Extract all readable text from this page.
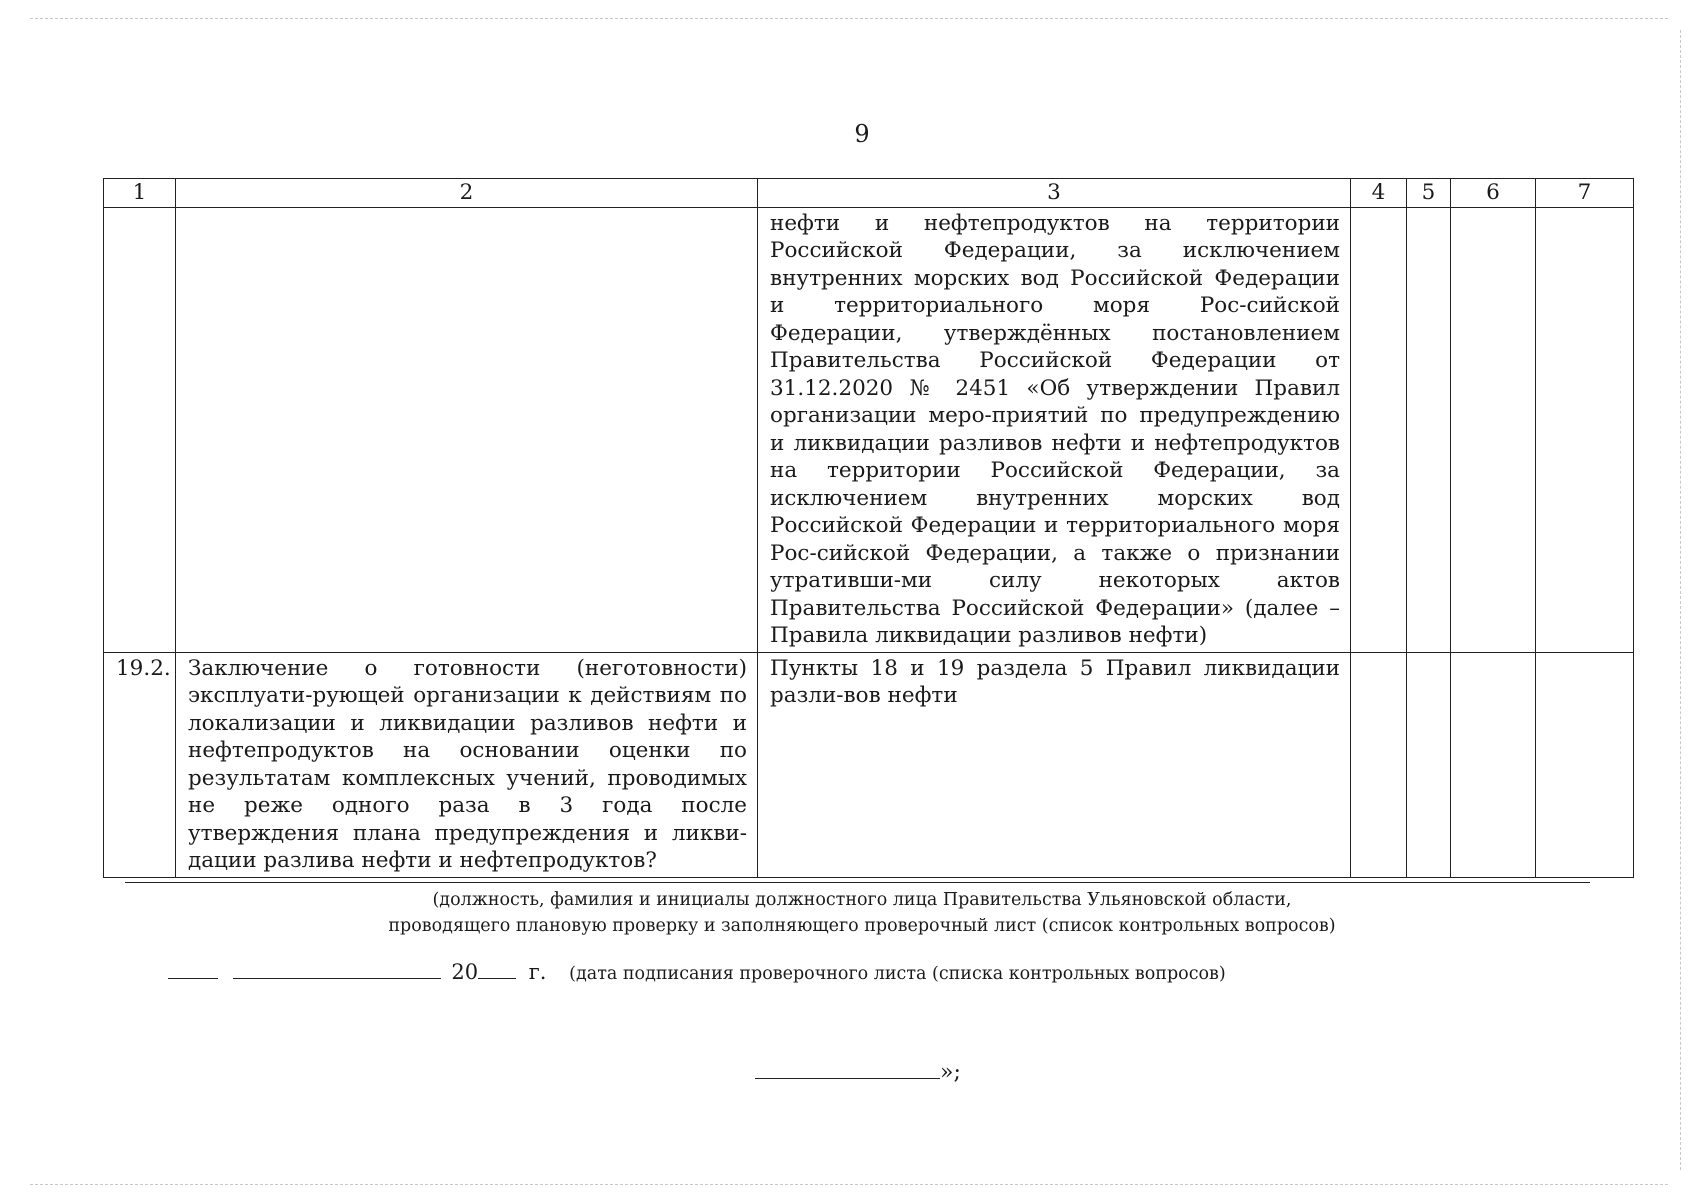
9
1	2	3	4	5	6	7
		нефти и нефтепродуктов на территории Российской Федерации, за исключением внутренних морских вод Российской Федерации и территориального моря Рос-сийской Федерации, утверждённых постановлением Правительства Российской Федерации от 31.12.2020 № 2451 «Об утверждении Правил организации меро-приятий по предупреждению и ликвидации разливов нефти и нефтепродуктов на территории Российской Федерации, за исключением внутренних морских вод Российской Федерации и территориального моря Рос-сийской Федерации, а также о признании утративши-ми силу некоторых актов Правительства Российской Федерации» (далее – Правила ликвидации разливов нефти)				
19.2.	Заключение о готовности (неготовности) эксплуати-рующей организации к действиям по локализации и ликвидации разливов нефти и нефтепродуктов на основании оценки по результатам комплексных учений, проводимых не реже одного раза в 3 года после утверждения плана предупреждения и ликви-дации разлива нефти и нефтепродуктов?	Пункты 18 и 19 раздела 5 Правил ликвидации разли-вов нефти				
(должность, фамилия и инициалы должностного лица Правительства Ульяновской области,
проводящего плановую проверку и заполняющего проверочный лист (список контрольных вопросов)
20 г. (дата подписания проверочного листа (списка контрольных вопросов)
»;
